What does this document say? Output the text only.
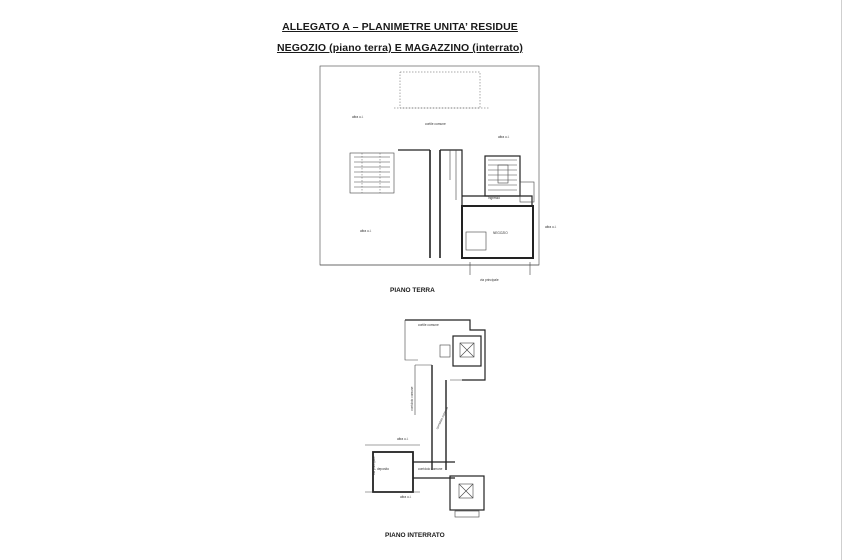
ALLEGATO A – PLANIMETRE UNITA’ RESIDUE
NEGOZIO (piano terra) E MAGAZZINO (interrato)
altra u.i.
cortile comune
altra u.i.
altra u.i.
ingresso
NEGOZIO
altra u.i.
via principale
PIANO TERRA
cortile comune
corridoio comune
corridoio comune
altra u.i.
deposito	corridoio comune
altra u.i.
via principale
PIANO INTERRATO
